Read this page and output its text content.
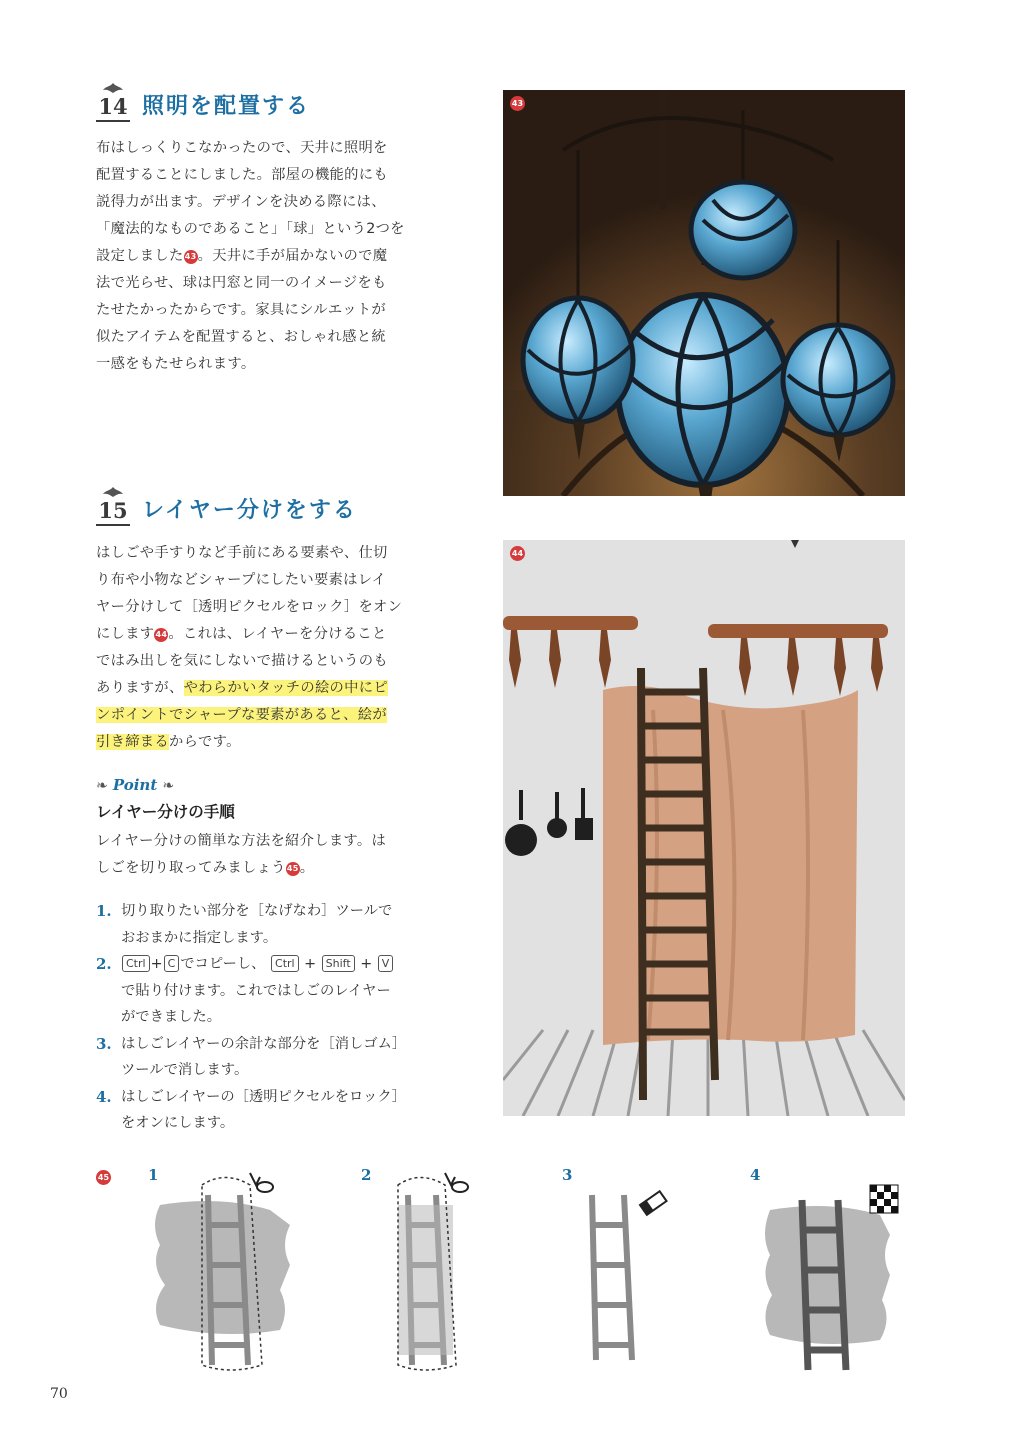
14 照明を配置する

布はしっくりこなかったので、天井に照明を

配置することにしました。部屋の機能的にも

説得力が出ます。デザインを決める際には、

「魔法的なものであること」「球」という2つを

設定しました43。天井に手が届かないので魔

法で光らせ、球は円窓と同一のイメージをも

たせたかったからです。家具にシルエットが

似たアイテムを配置すると、おしゃれ感と統

一感をもたせられます。

43
15 レイヤー分けをする

はしごや手すりなど手前にある要素や、仕切

り布や小物などシャープにしたい要素はレイ

ヤー分けして［透明ピクセルをロック］をオン

にします44。これは、レイヤーを分けること

ではみ出しを気にしないで描けるというのも

ありますが、やわらかいタッチの絵の中にピ

ンポイントでシャープな要素があると、絵が

引き締まるからです。

❧ Point ❧
レイヤー分けの手順

レイヤー分けの簡単な方法を紹介します。は

しごを切り取ってみましょう45。

1. 切り取りたい部分を［なげなわ］ツールで
おおまかに指定します。
2.	Ctrl + C でコピーし、 Ctrl + Shift + V
で貼り付けます。これではしごのレイヤー
ができました。
3. はしごレイヤーの余計な部分を［消しゴム］
ツールで消します。
4. はしごレイヤーの［透明ピクセルをロック］
をオンにします。
44
45	1	2	3	4
70
